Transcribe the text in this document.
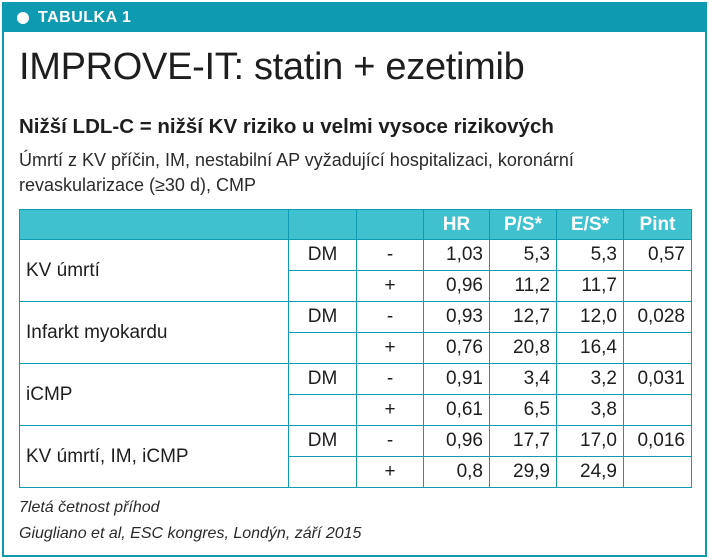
TABULKA 1
IMPROVE-IT: statin + ezetimib
Nižší LDL-C = nižší KV riziko u velmi vysoce rizikových
Úmrtí z KV příčin, IM, nestabilní AP vyžadující hospitalizaci, koronární revaskularizace (≥30 d), CMP
			HR	P/S*	E/S*	Pint
KV úmrtí	DM	-	1,03	5,3	5,3	0,57
		+	0,96	11,2	11,7	
Infarkt myokardu	DM	-	0,93	12,7	12,0	0,028
		+	0,76	20,8	16,4	
iCMP	DM	-	0,91	3,4	3,2	0,031
		+	0,61	6,5	3,8	
KV úmrtí, IM, iCMP	DM	-	0,96	17,7	17,0	0,016
		+	0,8	29,9	24,9	
7letá četnost příhod
Giugliano et al, ESC kongres, Londýn, září 2015
